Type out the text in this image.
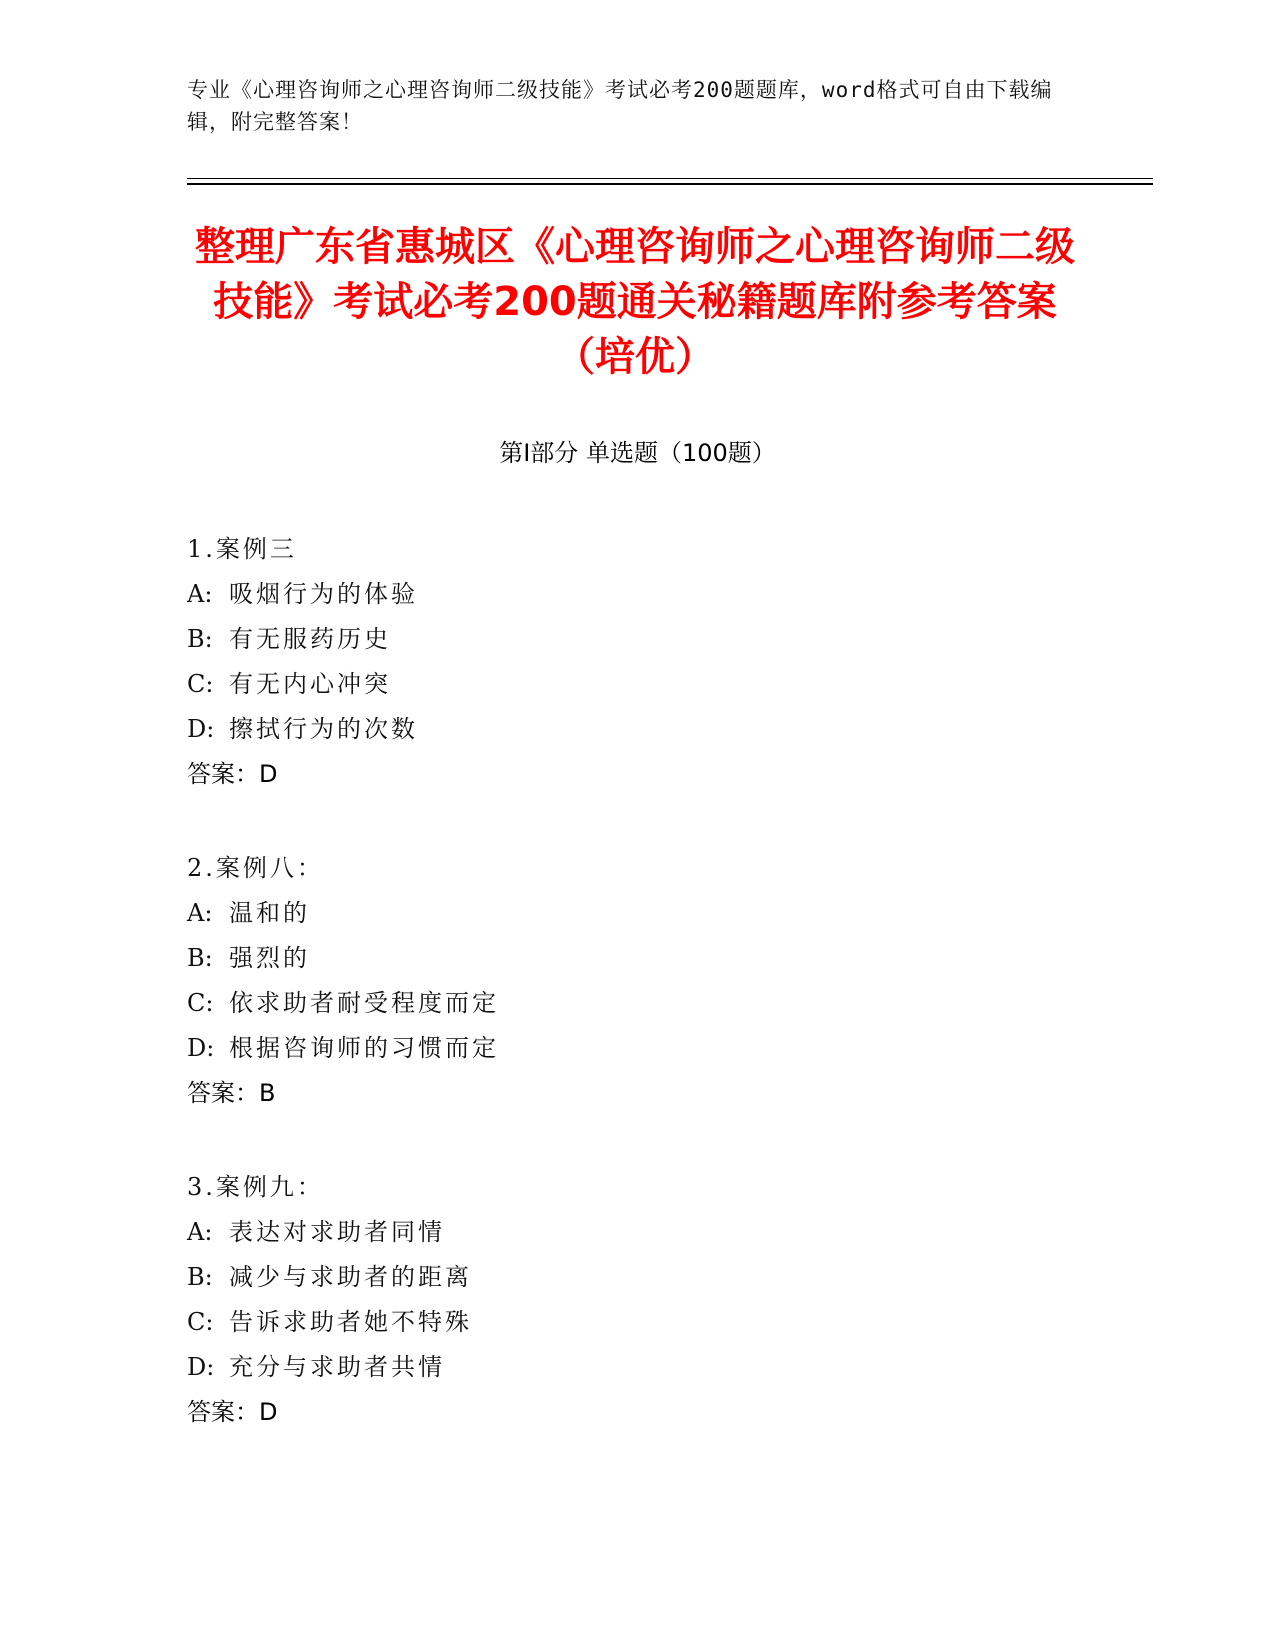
专业《心理咨询师之心理咨询师二级技能》考试必考200题题库，word格式可自由下载编辑，附完整答案！
整理广东省惠城区《心理咨询师之心理咨询师二级技能》考试必考200题通关秘籍题库附参考答案（培优）
第Ⅰ部分 单选题（100题）
1.案例三
A: 吸烟行为的体验
B: 有无服药历史
C: 有无内心冲突
D: 擦拭行为的次数
答案：D
2.案例八：
A: 温和的
B: 强烈的
C: 依求助者耐受程度而定
D: 根据咨询师的习惯而定
答案：B
3.案例九：
A: 表达对求助者同情
B: 减少与求助者的距离
C: 告诉求助者她不特殊
D: 充分与求助者共情
答案：D
